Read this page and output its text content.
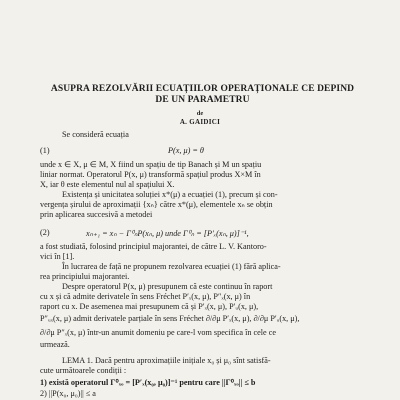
ASUPRA REZOLVĂRII ECUAȚIILOR OPERAȚIONALE CE DEPIND
DE UN PARAMETRU
de
A. GAIDICI
Se consideră ecuația
(1)	P(x, μ) = θ
unde x ∈ X, μ ∈ M, X fiind un spațiu de tip Banach și M un spațiu
liniar normat. Operatorul P(x, μ) transformă spațiul produs X×M în
X, iar θ este elementul nul al spațiului X.
Existența și unicitatea soluției x*(μ) a ecuației (1), precum și con-
vergența șirului de aproximații {xₙ} către x*(μ), elementele xₙ se obțin
prin aplicarea succesivă a metodei
(2)	xₙ₊₁ = xₙ − Γ⁰ₙP(xₙ, μ) unde Γ⁰ₙ = [P′ₓ(xₙ, μ)]⁻¹,
a fost studiată, folosind principiul majorantei, de către L. V. Kantoro-
vici în [1].
În lucrarea de față ne propunem rezolvarea ecuației (1) fără aplica-
rea principiului majorantei.
Despre operatorul P(x, μ) presupunem că este continuu în raport
cu x și că admite derivatele în sens Fréchet P′ₓ(x, μ), P″ₓ(x, μ) în
raport cu x. De asemenea mai presupunem că și P′ₓ(x, μ), P′ᵤ(x, μ),
P″ᵤₓ(x, μ) admit derivatele parțiale în sens Fréchet ∂/∂μ P′ₓ(x, μ), ∂/∂μ P′ᵤ(x, μ),
∂/∂μ P″ₓ(x, μ) într-un anumit domeniu pe care-l vom specifica în cele ce
urmează.
LEMA 1. Dacă pentru aproximațiile inițiale x₀ și μ₀ sînt satisfă-
cute următoarele condiții :
1) există operatorul Γ⁰ₓₒ = [P′ₓ(x₀, μ₀)]⁻¹ pentru care ||Γ⁰ₓₒ|| ≤ b
2) ||P(x₀, μ₀)|| ≤ a
